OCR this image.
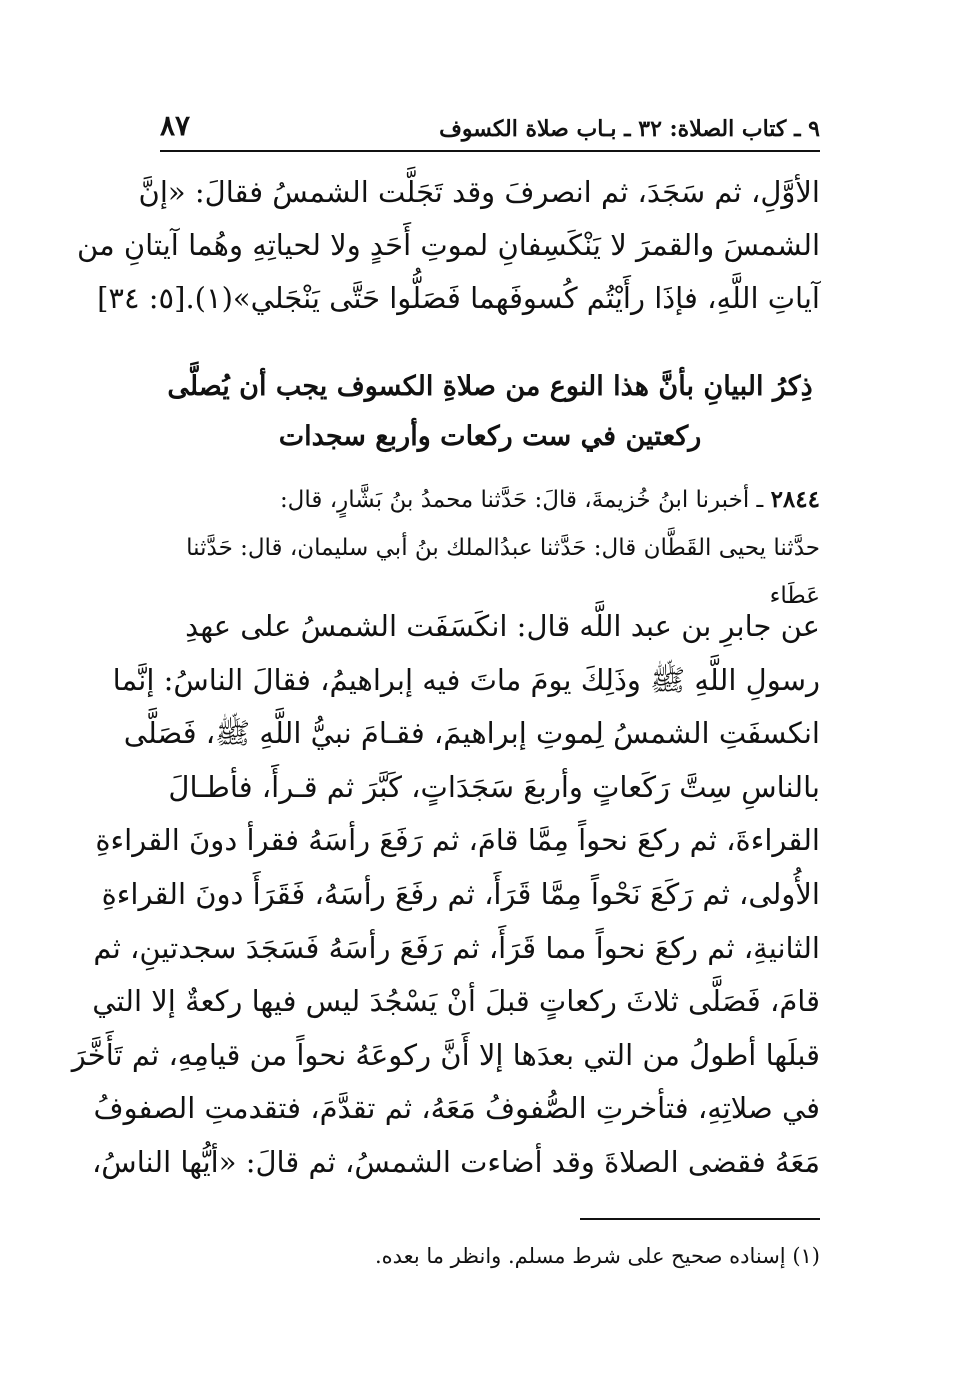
٩ ـ كتاب الصلاة: ٣٢ ـ بـاب صلاة الكسوف
٨٧
الأوَّلِ، ثم سَجَدَ، ثم انصرفَ وقد تَجَلَّت الشمسُ فقالَ: «إنَّ
الشمسَ والقمرَ لا يَنْكَسِفانِ لموتِ أَحَدٍ ولا لحياتِهِ وهُما آيتانِ من
آياتِ اللَّهِ، فإذَا رأَيْتُم كُسوفَهما فَصَلُّوا حَتَّى يَنْجَلي»(١).
[٥: ٣٤]
ذِكرُ البيانِ بأنَّ هذا النوع من صلاةِ الكسوف يجب أن يُصلَّى
ركعتين في ست ركعات وأربع سجدات
٢٨٤٤ ـ أخبرنا ابنُ خُزيمةَ، قالَ: حَدَّثنا محمدُ بنُ بَشَّارٍ، قال:
حدَّثنا يحيى القَطَّان قال: حَدَّثنا عبدُالملك بنُ أبي سليمان، قال: حَدَّثنا
عَطَاء
عن جابرِ بن عبد اللَّه قال: انكَسَفَت الشمسُ على عهدِ
رسولِ اللَّهِ ﷺ وذَلِكَ يومَ ماتَ فيه إبراهيمُ، فقالَ الناسُ: إنَّما
انكسفَتِ الشمسُ لِموتِ إبراهيمَ، فقـامَ نبيُّ اللَّهِ ﷺ، فَصَلَّى
بالناسِ سِتَّ رَكَعاتٍ وأربعَ سَجَدَاتٍ، كَبَّرَ ثم قـرأَ، فأطـالَ
القراءةَ، ثم ركعَ نحواً مِمَّا قامَ، ثم رَفَعَ رأسَهُ فقرأ دونَ القراءةِ
الأُولى، ثم رَكَعَ نَحْواً مِمَّا قَرَأَ، ثم رفَعَ رأسَهُ، فَقَرَأَ دونَ القراءةِ
الثانيةِ، ثم ركعَ نحواً مما قَرَأَ، ثم رَفَعَ رأسَهُ فَسَجَدَ سجدتينِ، ثم
قامَ، فَصَلَّى ثلاثَ ركعاتٍ قبلَ أنْ يَسْجُدَ ليس فيها ركعةٌ إلا التي
قبلَها أطولُ من التي بعدَها إلا أَنَّ ركوعَهُ نحواً من قيامِهِ، ثم تَأَخَّرَ
في صلاتِهِ، فتأخرتِ الصُّفوفُ مَعَهُ، ثم تقدَّمَ، فتقدمتِ الصفوفُ
مَعَهُ فقضى الصلاةَ وقد أضاءت الشمسُ، ثم قالَ: «أيُّها الناسُ،
(١) إسناده صحيح على شرط مسلم. وانظر ما بعده.
